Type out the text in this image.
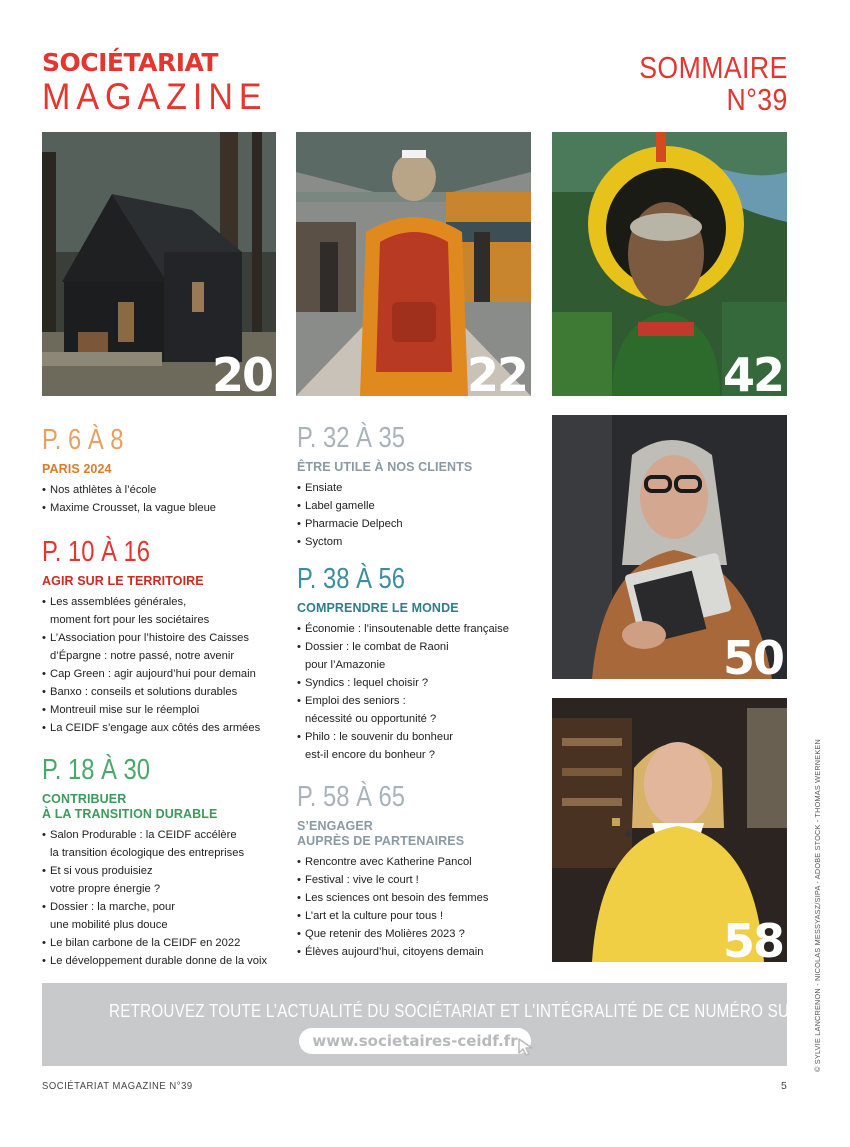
SOCIÉTARIAT
MAGAZINE
SOMMAIRE
N°39
20	22	42
50
58
P. 6 À 8
PARIS 2024
• Nos athlètes à l’école
• Maxime Crousset, la vague bleue
P. 10 À 16
AGIR SUR LE TERRITOIRE
• Les assemblées générales,
moment fort pour les sociétaires
• L’Association pour l’histoire des Caisses
d’Épargne : notre passé, notre avenir
• Cap Green : agir aujourd’hui pour demain
• Banxo : conseils et solutions durables
• Montreuil mise sur le réemploi
• La CEIDF s’engage aux côtés des armées
P. 18 À 30
CONTRIBUER
À LA TRANSITION DURABLE
• Salon Produrable : la CEIDF accélère
la transition écologique des entreprises
• Et si vous produisiez
votre propre énergie ?
• Dossier : la marche, pour
une mobilité plus douce
• Le bilan carbone de la CEIDF en 2022
• Le développement durable donne de la voix
P. 32 À 35
ÊTRE UTILE À NOS CLIENTS
• Ensiate
• Label gamelle
• Pharmacie Delpech
• Syctom
P. 38 À 56
COMPRENDRE LE MONDE
• Économie : l’insoutenable dette française
• Dossier : le combat de Raoni
pour l’Amazonie
• Syndics : lequel choisir ?
• Emploi des seniors :
nécessité ou opportunité ?
• Philo : le souvenir du bonheur
est-il encore du bonheur ?
P. 58 À 65
S’ENGAGER
AUPRÈS DE PARTENAIRES
• Rencontre avec Katherine Pancol
• Festival : vive le court !
• Les sciences ont besoin des femmes
• L’art et la culture pour tous !
• Que retenir des Molières 2023 ?
• Élèves aujourd’hui, citoyens demain
RETROUVEZ TOUTE L’ACTUALITÉ DU SOCIÉTARIAT ET L’INTÉGRALITÉ DE CE NUMÉRO SUR
www.societaires-ceidf.fr
SOCIÉTARIAT MAGAZINE N°39	5
© SYLVIE LANCRENON - NICOLAS MESSYASZ/SIPA - ADOBE STOCK - THOMAS WERNEKEN
